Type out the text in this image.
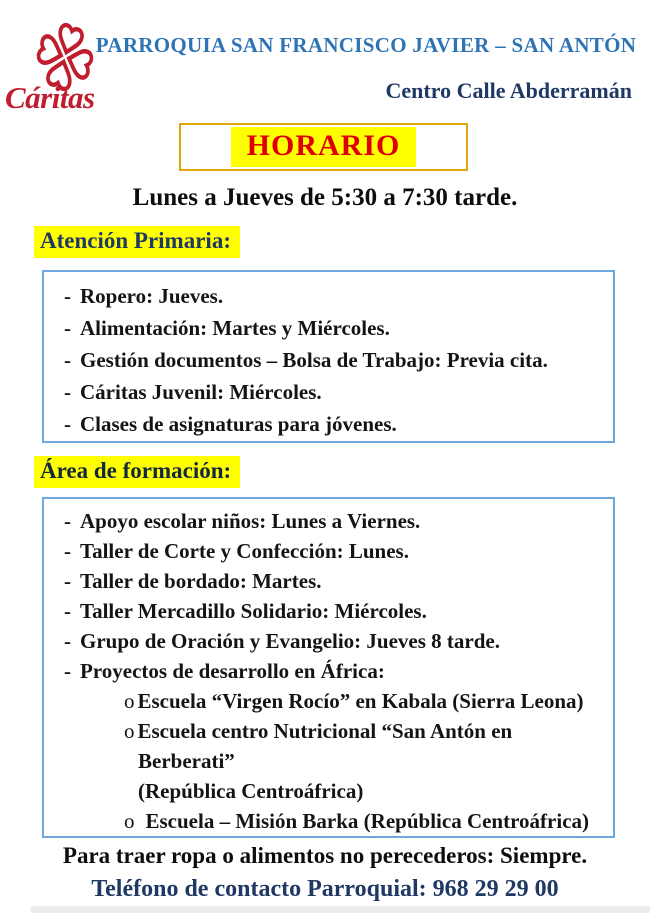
Cáritas
PARROQUIA SAN FRANCISCO JAVIER – SAN ANTÓN
Centro Calle Abderramán
HORARIO
Lunes a Jueves de 5:30 a 7:30 tarde.
Atención Primaria:
- Ropero: Jueves.
- Alimentación: Martes y Miércoles.
- Gestión documentos – Bolsa de Trabajo: Previa cita.
- Cáritas Juvenil: Miércoles.
- Clases de asignaturas para jóvenes.
Área de formación:
- Apoyo escolar niños: Lunes a Viernes.
- Taller de Corte y Confección: Lunes.
- Taller de bordado: Martes.
- Taller Mercadillo Solidario: Miércoles.
- Grupo de Oración y Evangelio: Jueves 8 tarde.
- Proyectos de desarrollo en África:
o Escuela “Virgen Rocío” en Kabala (Sierra Leona)
o Escuela centro Nutricional “San Antón en
Berberati”
(República Centroáfrica)
o Escuela – Misión Barka (República Centroáfrica)
Para traer ropa o alimentos no perecederos: Siempre.
Teléfono de contacto Parroquial: 968 29 29 00
